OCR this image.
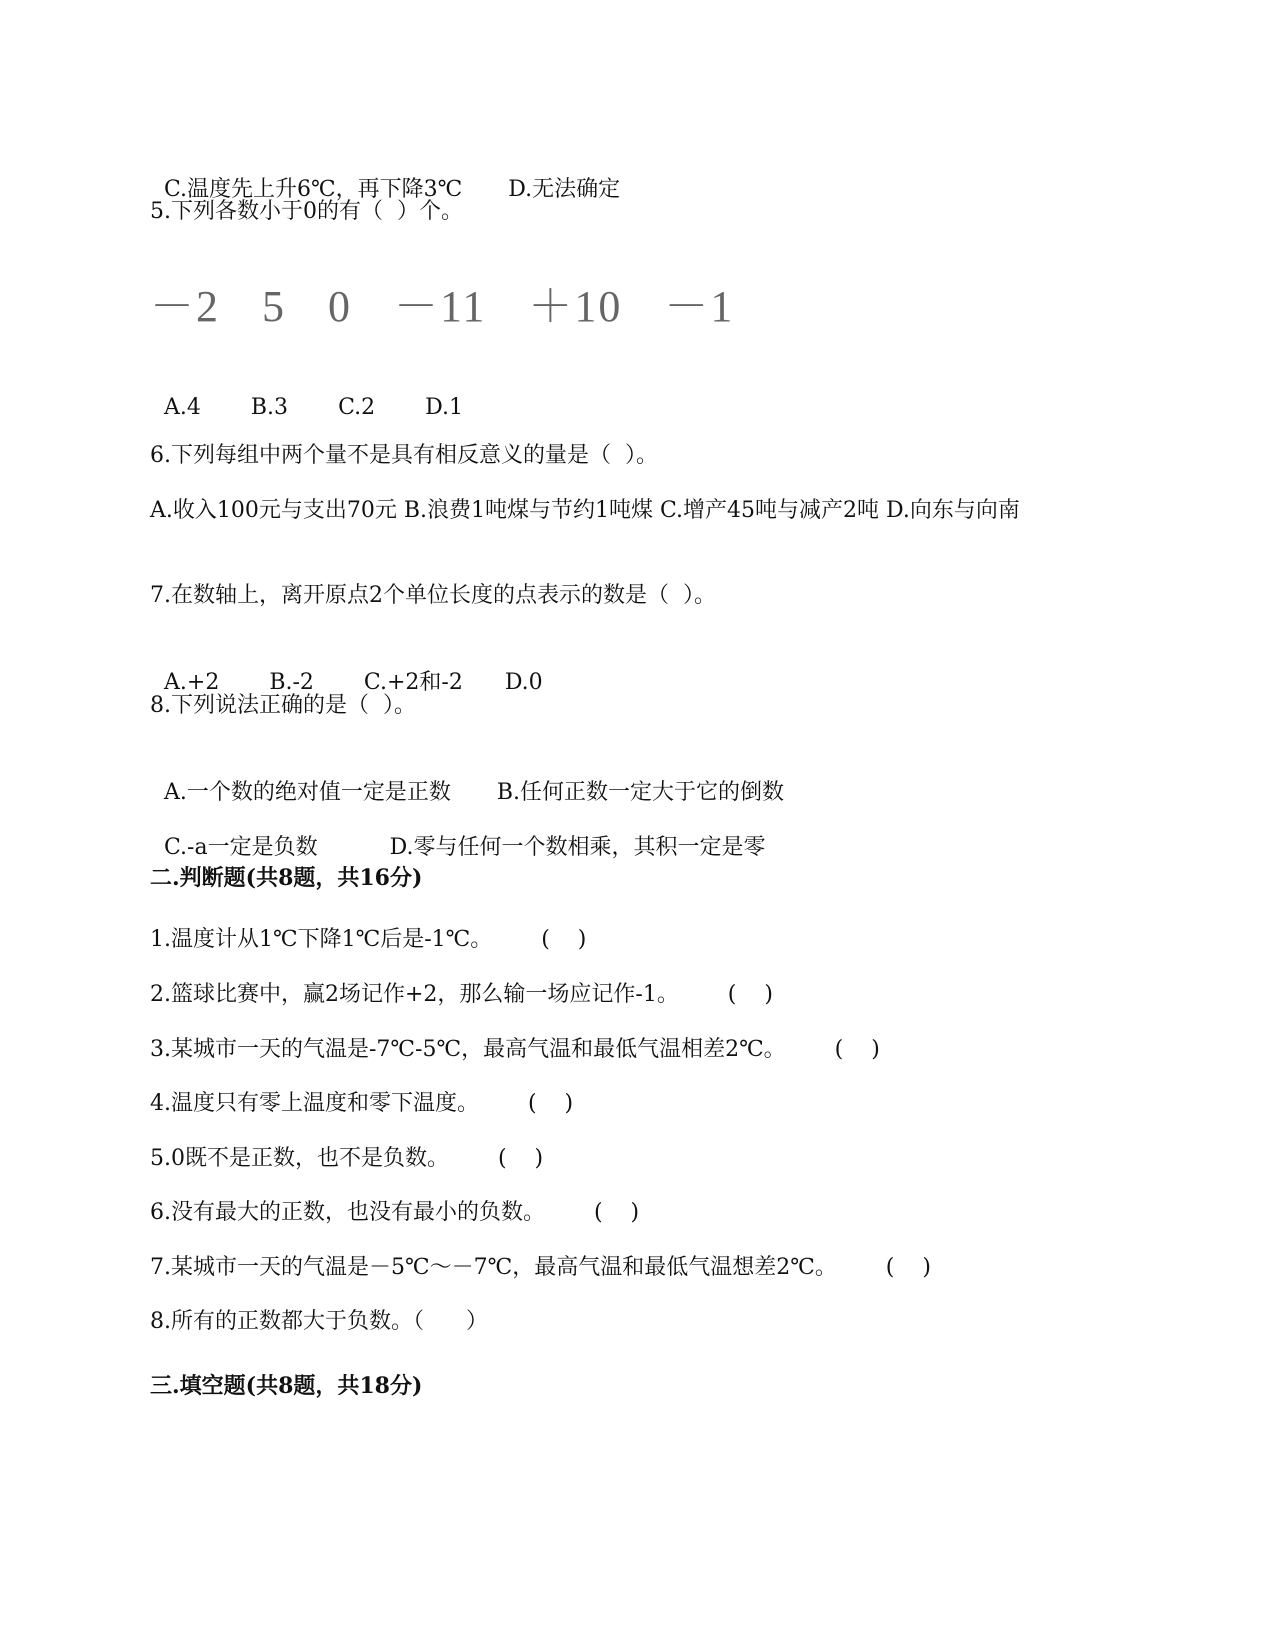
C.温度先上升6℃，再下降3℃ D.无法确定

5.下列各数小于0的有（  ）个。
－2 5 0 －11 ＋10 －1

A.4 B.3 C.2 D.1

6.下列每组中两个量不是具有相反意义的量是（  ）。
A.收入100元与支出70元 B.浪费1吨煤与节约1吨煤 C.增产45吨与减产2吨 D.向东与向南
7.在数轴上，离开原点2个单位长度的点表示的数是（  ）。

A.+2 B.-2 C.+2和-2 D.0

8.下列说法正确的是（  ）。

A.一个数的绝对值一定是正数 B.任何正数一定大于它的倒数

C.-a一定是负数	D.零与任何一个数相乘，其积一定是零

二.判断题(共8题，共16分)
1.温度计从1℃下降1℃后是-1℃。       (    )
2.篮球比赛中，赢2场记作+2，那么输一场应记作-1。       (    )
3.某城市一天的气温是-7℃-5℃，最高气温和最低气温相差2℃。       (    )
4.温度只有零上温度和零下温度。       (    )
5.0既不是正数，也不是负数。       (    )
6.没有最大的正数，也没有最小的负数。       (    )
7.某城市一天的气温是－5℃～－7℃，最高气温和最低气温想差2℃。       (    )
8.所有的正数都大于负数。（      ）
三.填空题(共8题，共18分)
